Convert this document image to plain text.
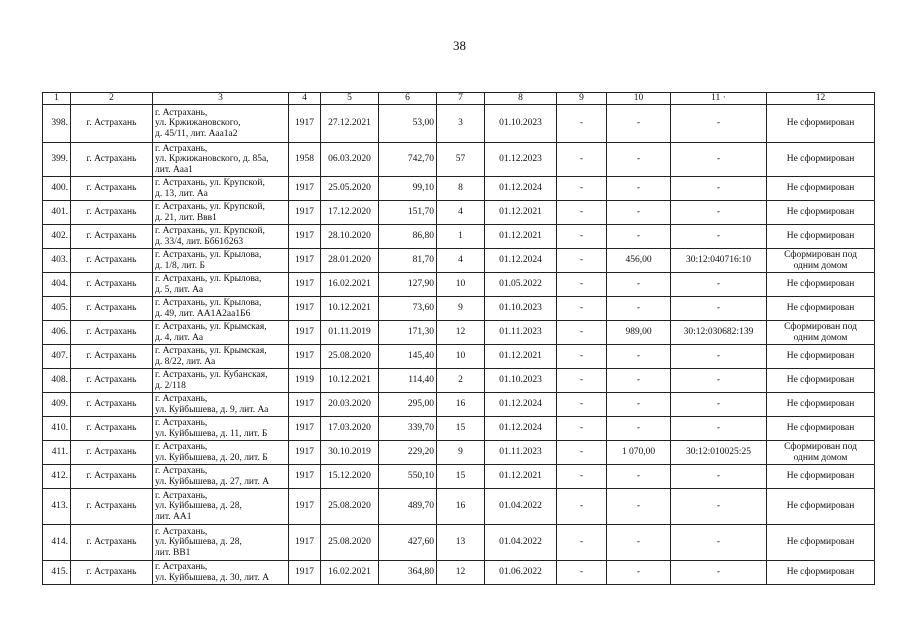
38
1	2	3	4	5	6	7	8	9	10	11 ·	12
398.	г. Астрахань	г. Астрахань,
ул. Кржижановского,
д. 45/11, лит. Ааа1а2	1917	27.12.2021	53,00	3	01.10.2023	-	-	-	Не сформирован
399.	г. Астрахань	г. Астрахань,
ул. Кржижановского, д. 85а,
лит. Ааа1	1958	06.03.2020	742,70	57	01.12.2023	-	-	-	Не сформирован
400.	г. Астрахань	г. Астрахань, ул. Крупской,
д. 13, лит. Аа	1917	25.05.2020	99,10	8	01.12.2024	-	-	-	Не сформирован
401.	г. Астрахань	г. Астрахань, ул. Крупской,
д. 21, лит. Ввв1	1917	17.12.2020	151,70	4	01.12.2021	-	-	-	Не сформирован
402.	г. Астрахань	г. Астрахань, ул. Крупской,
д. 33/4, лит. Бб61б263	1917	28.10.2020	86,80	1	01.12.2021	-	-	-	Не сформирован
403.	г. Астрахань	г. Астрахань, ул. Крылова,
д. 1/8, лит. Б	1917	28.01.2020	81,70	4	01.12.2024	-	456,00	30:12:040716:10	Сформирован под
одним домом
404.	г. Астрахань	г. Астрахань, ул. Крылова,
д. 5, лит. Аа	1917	16.02.2021	127,90	10	01.05.2022	-	-	-	Не сформирован
405.	г. Астрахань	г. Астрахань, ул. Крылова,
д. 49, лит. АА1А2аа1Б6	1917	10.12.2021	73,60	9	01.10.2023	-	-	-	Не сформирован
406.	г. Астрахань	г. Астрахань, ул. Крымская,
д. 4, лит. Аа	1917	01.11.2019	171,30	12	01.11.2023	-	989,00	30:12:030682:139	Сформирован под
одним домом
407.	г. Астрахань	г. Астрахань, ул. Крымская,
д. 8/22, лит. Аа	1917	25.08.2020	145,40	10	01.12.2021	-	-	-	Не сформирован
408.	г. Астрахань	г. Астрахань, ул. Кубанская,
д. 2/118	1919	10.12.2021	114,40	2	01.10.2023	-	-	-	Не сформирован
409.	г. Астрахань	г. Астрахань,
ул. Куйбышева, д. 9, лит. Аа	1917	20.03.2020	295,00	16	01.12.2024	-	-	-	Не сформирован
410.	г. Астрахань	г. Астрахань,
ул. Куйбышева, д. 11, лит. Б	1917	17.03.2020	339,70	15	01.12.2024	-	-	-	Не сформирован
411.	г. Астрахань	г. Астрахань,
ул. Куйбышева, д. 20, лит. Б	1917	30.10.2019	229,20	9	01.11.2023	-	1 070,00	30:12:010025:25	Сформирован под
одним домом
412.	г. Астрахань	г. Астрахань,
ул. Куйбышева, д. 27, лит. А	1917	15.12.2020	550,10	15	01.12.2021	-	-	-	Не сформирован
413.	г. Астрахань	г. Астрахань,
ул. Куйбышева, д. 28,
лит. АА1	1917	25.08.2020	489,70	16	01.04.2022	-	-	-	Не сформирован
414.	г. Астрахань	г. Астрахань,
ул. Куйбышева, д. 28,
лит. ВВ1	1917	25.08.2020	427,60	13	01.04.2022	-	-	-	Не сформирован
415.	г. Астрахань	г. Астрахань,
ул. Куйбышева, д. 30, лит. А	1917	16.02.2021	364,80	12	01.06.2022	-	-	-	Не сформирован
